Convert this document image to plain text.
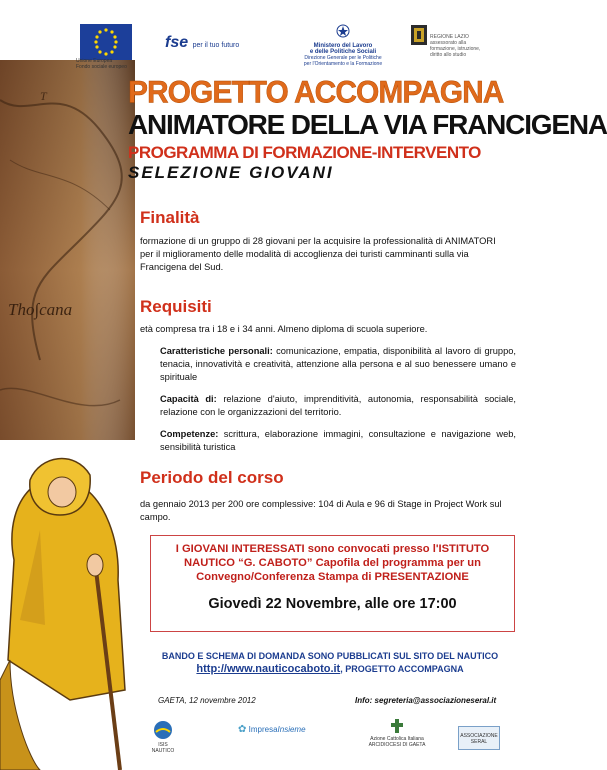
Tho∫cana
T
Unione Europea
Fondo sociale europeo
fse per il tuo futuro	Ministero del Lavoro
e delle Politiche Sociali
Direzione Generale per le Politiche
per l'Orientamento e la Formazione
REGIONE LAZIO
assessorato alla formazione, istruzione, diritto allo studio
PROGETTO ACCOMPAGNA
ANIMATORE DELLA VIA FRANCIGENA
PROGRAMMA DI FORMAZIONE-INTERVENTO
SELEZIONE GIOVANI
Finalità

formazione di un gruppo di 28 giovani per la acquisire la professionalità di ANIMATORI per il miglioramento delle modalità di accoglienza dei turisti camminanti sulla via Francigena del Sud.

Requisiti

età compresa tra i 18 e i 34 anni. Almeno diploma di scuola superiore.

Caratteristiche personali: comunicazione, empatia, disponibilità al lavoro di gruppo, tenacia, innovatività e creatività, attenzione alla persona e al suo benessere umano e spirituale

Capacità di: relazione d'aiuto, imprenditività, autonomia, responsabilità sociale, relazione con le organizzazioni del territorio.

Competenze: scrittura, elaborazione immagini, consultazione e navigazione web, sensibilità turistica

Periodo del corso

da gennaio 2013 per 200 ore complessive: 104 di Aula e 96 di Stage in Project Work sul campo.

I GIOVANI INTERESSATI sono convocati presso l'ISTITUTO
NAUTICO “G. CABOTO” Capofila del programma per un
Convegno/Conferenza Stampa di PRESENTAZIONE
Giovedì 22 Novembre, alle ore 17:00
BANDO E SCHEMA DI DOMANDA SONO PUBBLICATI SUL SITO DEL NAUTICO
http://www.nauticocaboto.it, PROGETTO ACCOMPAGNA
GAETA, 12 novembre 2012	Info: segreteria@associazioneseral.it
ISIS NAUTICO
✿ ImpresaInsieme
Azione Cattolica Italiana
ARCIDIOCESI DI GAETA
ASSOCIAZIONE SERAL
